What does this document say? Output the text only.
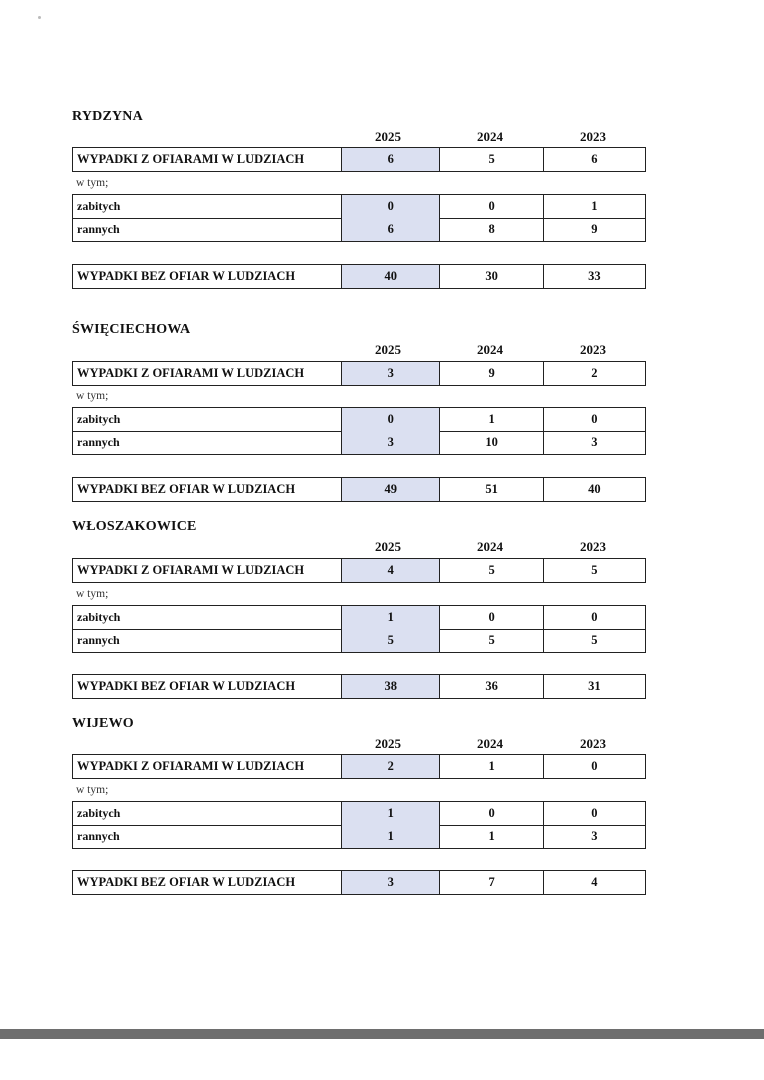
RYDZYNA
2025	2024	2023
WYPADKI Z OFIARAMI W LUDZIACH	6	5	6
w tym;
zabitych	0	0	1
rannych	6	8	9
WYPADKI BEZ OFIAR W LUDZIACH	40	30	33
ŚWIĘCIECHOWA
2025	2024	2023
WYPADKI Z OFIARAMI W LUDZIACH	3	9	2
w tym;
zabitych	0	1	0
rannych	3	10	3
WYPADKI BEZ OFIAR W LUDZIACH	49	51	40
WŁOSZAKOWICE
2025	2024	2023
WYPADKI Z OFIARAMI W LUDZIACH	4	5	5
w tym;
zabitych	1	0	0
rannych	5	5	5
WYPADKI BEZ OFIAR W LUDZIACH	38	36	31
WIJEWO
2025	2024	2023
WYPADKI Z OFIARAMI W LUDZIACH	2	1	0
w tym;
zabitych	1	0	0
rannych	1	1	3
WYPADKI BEZ OFIAR W LUDZIACH	3	7	4
